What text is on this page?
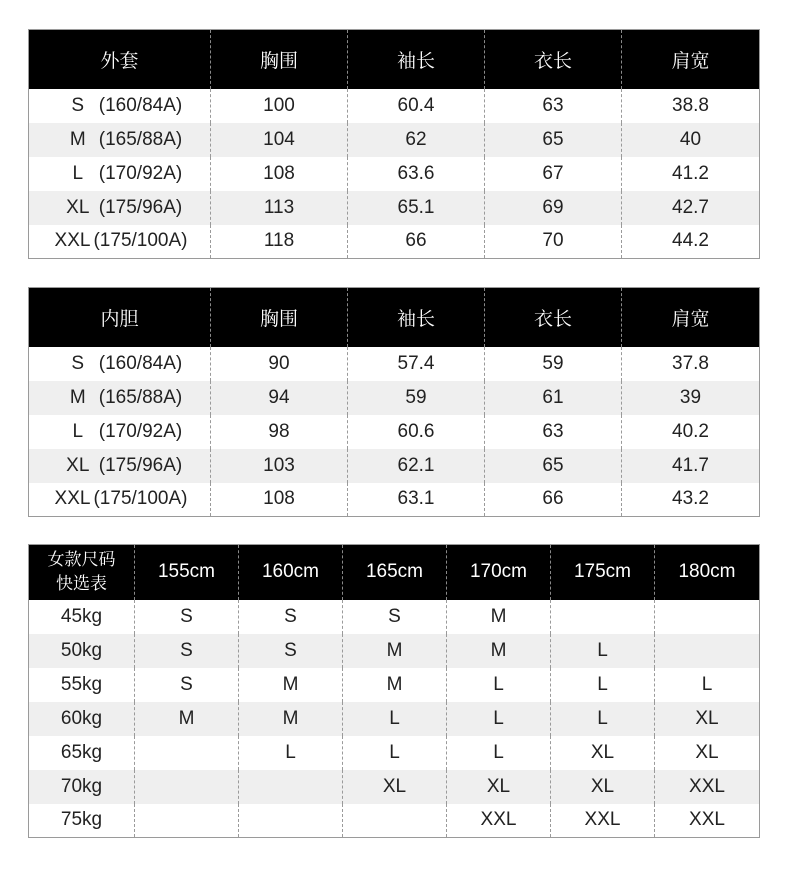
外套	胸围	袖长	衣长	肩宽
S (160/84A)	100	60.4	63	38.8
M (165/88A)	104	62	65	40
L (170/92A)	108	63.6	67	41.2
XL (175/96A)	113	65.1	69	42.7
XXL (175/100A)	118	66	70	44.2
内胆	胸围	袖长	衣长	肩宽
S (160/84A)	90	57.4	59	37.8
M (165/88A)	94	59	61	39
L (170/92A)	98	60.6	63	40.2
XL (175/96A)	103	62.1	65	41.7
XXL (175/100A)	108	63.1	66	43.2
女款尺码
快选表	155cm	160cm	165cm	170cm	175cm	180cm
45kg	S	S	S	M		
50kg	S	S	M	M	L	
55kg	S	M	M	L	L	L
60kg	M	M	L	L	L	XL
65kg		L	L	L	XL	XL
70kg			XL	XL	XL	XXL
75kg				XXL	XXL	XXL
